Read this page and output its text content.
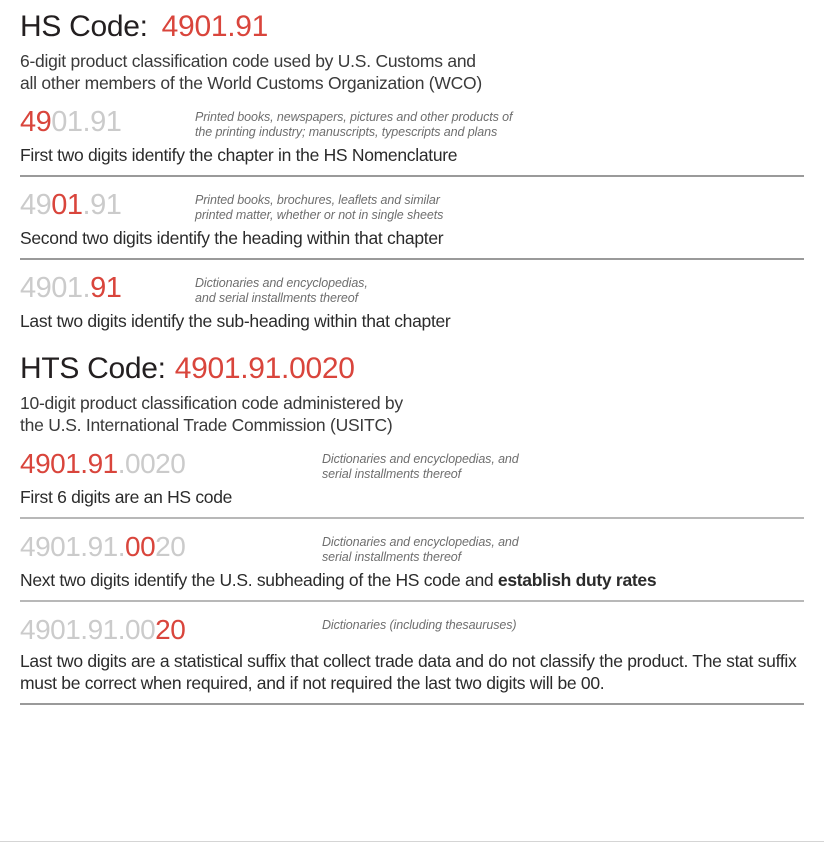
HS Code: 4901.91
6-digit product classification code used by U.S. Customs and
all other members of the World Customs Organization (WCO)
4901.91	Printed books, newspapers, pictures and other products of
the printing industry; manuscripts, typescripts and plans
First two digits identify the chapter in the HS Nomenclature
4901.91	Printed books, brochures, leaflets and similar
printed matter, whether or not in single sheets
Second two digits identify the heading within that chapter
4901.91	Dictionaries and encyclopedias,
and serial installments thereof
Last two digits identify the sub-heading within that chapter
HTS Code: 4901.91.0020
10-digit product classification code administered by
the U.S. International Trade Commission (USITC)
4901.91.0020	Dictionaries and encyclopedias, and
serial installments thereof
First 6 digits are an HS code
4901.91.0020	Dictionaries and encyclopedias, and
serial installments thereof
Next two digits identify the U.S. subheading of the HS code and establish duty rates
4901.91.0020	Dictionaries (including thesauruses)
Last two digits are a statistical suffix that collect trade data and do not classify the product. The stat suffix must be correct when required, and if not required the last two digits will be 00.
